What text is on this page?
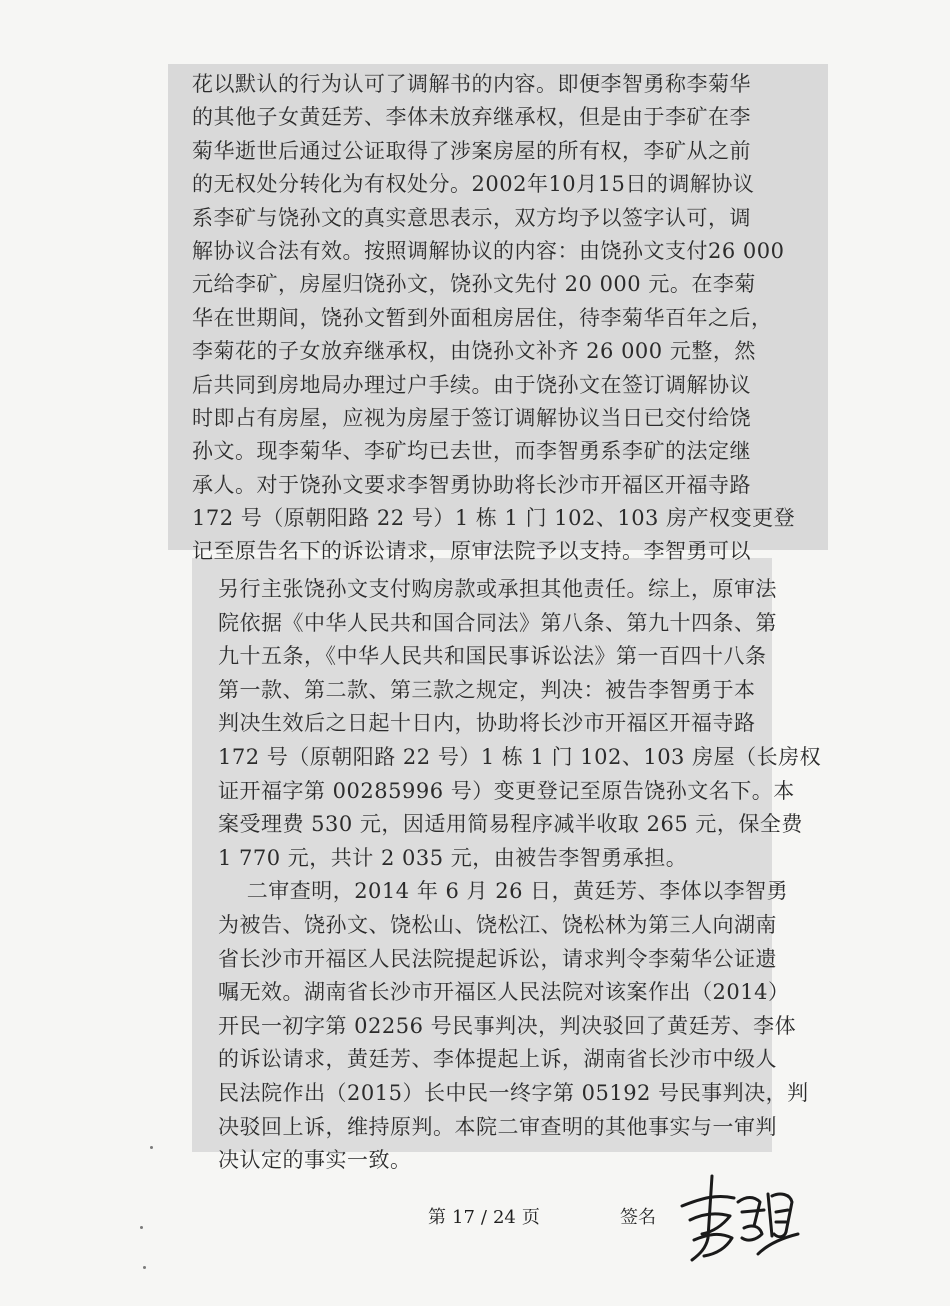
花以默认的行为认可了调解书的内容。即便李智勇称李菊华
的其他子女黄廷芳、李体未放弃继承权，但是由于李矿在李
菊华逝世后通过公证取得了涉案房屋的所有权，李矿从之前
的无权处分转化为有权处分。2002年10月15日的调解协议
系李矿与饶孙文的真实意思表示，双方均予以签字认可，调
解协议合法有效。按照调解协议的内容：由饶孙文支付26 000
元给李矿，房屋归饶孙文，饶孙文先付 20 000 元。在李菊
华在世期间，饶孙文暂到外面租房居住，待李菊华百年之后，
李菊花的子女放弃继承权，由饶孙文补齐 26 000 元整，然
后共同到房地局办理过户手续。由于饶孙文在签订调解协议
时即占有房屋，应视为房屋于签订调解协议当日已交付给饶
孙文。现李菊华、李矿均已去世，而李智勇系李矿的法定继
承人。对于饶孙文要求李智勇协助将长沙市开福区开福寺路
172 号（原朝阳路 22 号）1 栋 1 门 102、103 房产权变更登
记至原告名下的诉讼请求，原审法院予以支持。李智勇可以
另行主张饶孙文支付购房款或承担其他责任。综上，原审法
院依据《中华人民共和国合同法》第八条、第九十四条、第
九十五条，《中华人民共和国民事诉讼法》第一百四十八条
第一款、第二款、第三款之规定，判决：被告李智勇于本
判决生效后之日起十日内，协助将长沙市开福区开福寺路
172 号（原朝阳路 22 号）1 栋 1 门 102、103 房屋（长房权
证开福字第 00285996 号）变更登记至原告饶孙文名下。本
案受理费 530 元，因适用简易程序减半收取 265 元，保全费
1 770 元，共计 2 035 元，由被告李智勇承担。
二审查明，2014 年 6 月 26 日，黄廷芳、李体以李智勇
为被告、饶孙文、饶松山、饶松江、饶松林为第三人向湖南
省长沙市开福区人民法院提起诉讼，请求判令李菊华公证遗
嘱无效。湖南省长沙市开福区人民法院对该案作出（2014）
开民一初字第 02256 号民事判决，判决驳回了黄廷芳、李体
的诉讼请求，黄廷芳、李体提起上诉，湖南省长沙市中级人
民法院作出（2015）长中民一终字第 05192 号民事判决，判
决驳回上诉，维持原判。本院二审查明的其他事实与一审判
决认定的事实一致。
第 17 / 24 页	签名
